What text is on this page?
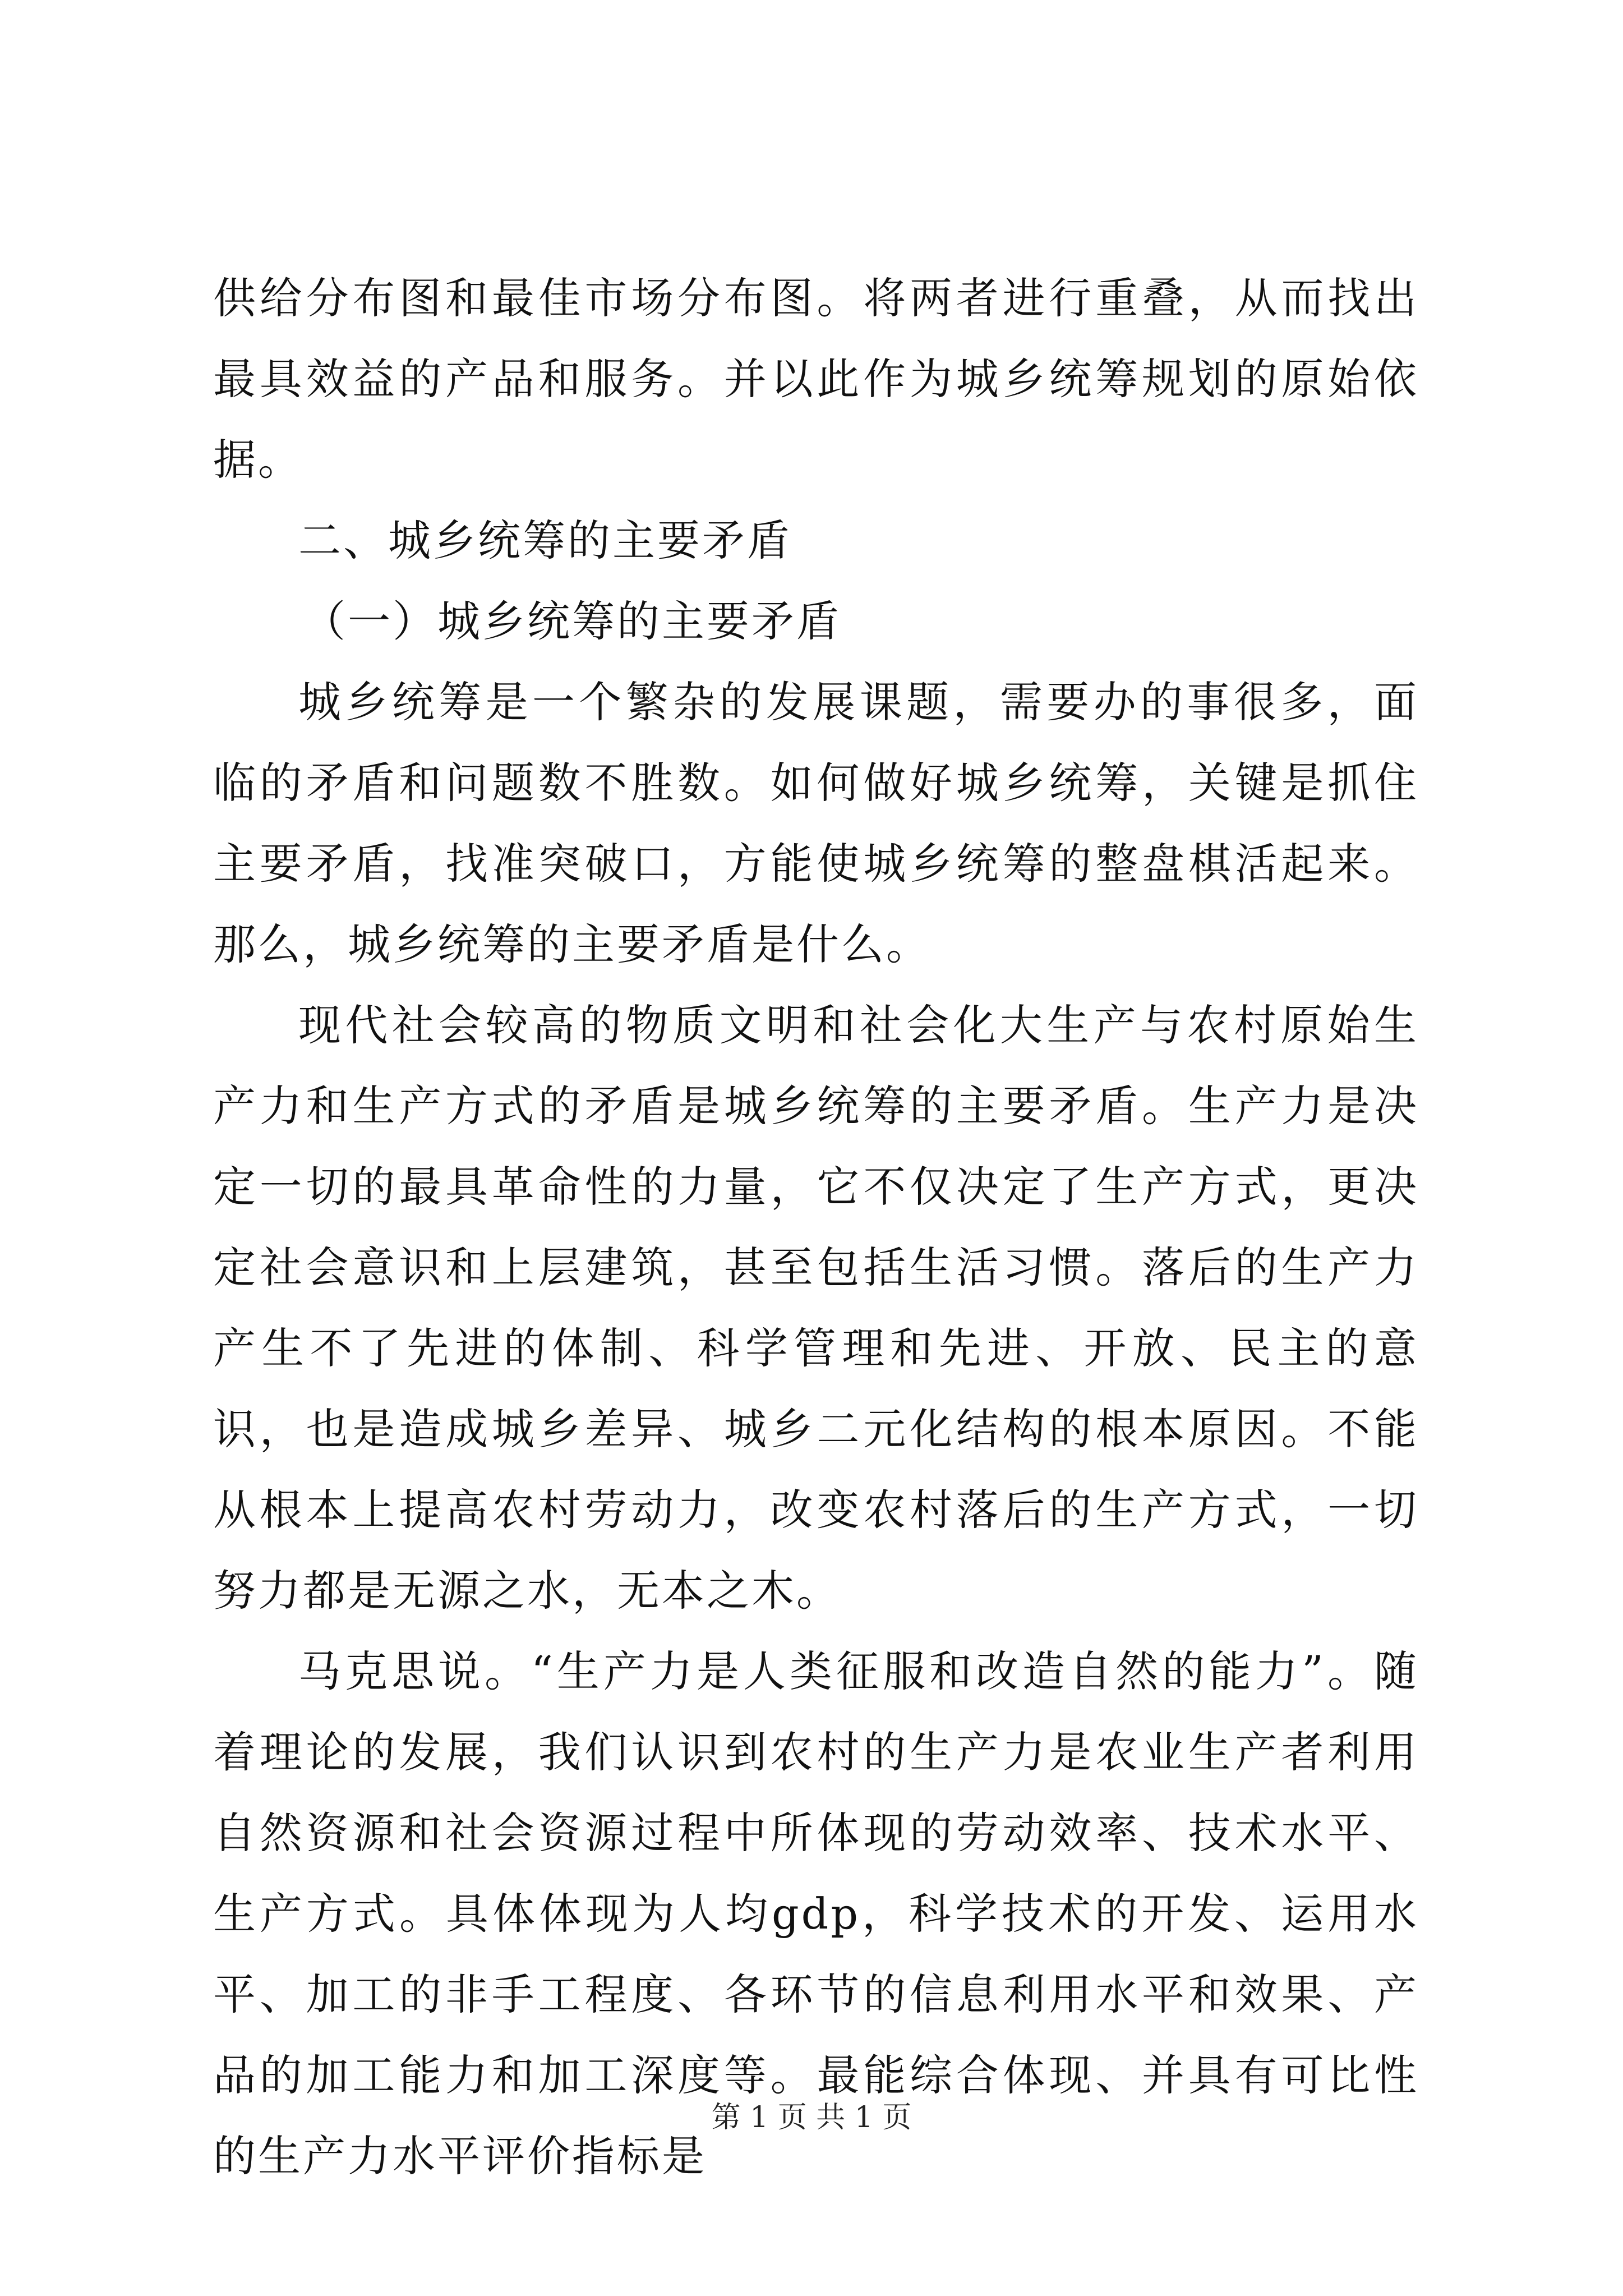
供给分布图和最佳市场分布图。将两者进行重叠，从而找出最具效益的产品和服务。并以此作为城乡统筹规划的原始依据。

二、城乡统筹的主要矛盾

（一）城乡统筹的主要矛盾

城乡统筹是一个繁杂的发展课题，需要办的事很多，面临的矛盾和问题数不胜数。如何做好城乡统筹，关键是抓住主要矛盾，找准突破口，方能使城乡统筹的整盘棋活起来。那么，城乡统筹的主要矛盾是什么。

现代社会较高的物质文明和社会化大生产与农村原始生产力和生产方式的矛盾是城乡统筹的主要矛盾。生产力是决定一切的最具革命性的力量，它不仅决定了生产方式，更决定社会意识和上层建筑，甚至包括生活习惯。落后的生产力产生不了先进的体制、科学管理和先进、开放、民主的意识，也是造成城乡差异、城乡二元化结构的根本原因。不能从根本上提高农村劳动力，改变农村落后的生产方式，一切努力都是无源之水，无本之木。

马克思说。“生产力是人类征服和改造自然的能力”。随着理论的发展，我们认识到农村的生产力是农业生产者利用自然资源和社会资源过程中所体现的劳动效率、技术水平、生产方式。具体体现为人均gdp，科学技术的开发、运用水平、加工的非手工程度、各环节的信息利用水平和效果、产品的加工能力和加工深度等。最能综合体现、并具有可比性的生产力水平评价指标是

第 1 页 共 1 页
